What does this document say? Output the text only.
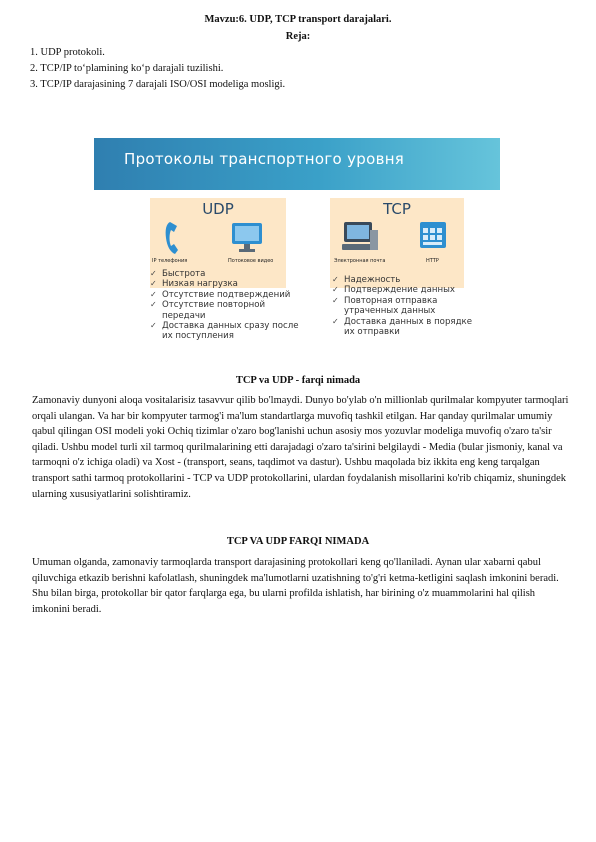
Mavzu:6. UDP, TCP transport darajalari.
Reja:
1. UDP protokoli.
2. TCP/IP to‘plamining ko‘p darajali tuzilishi.
3. TCP/IP darajasining 7 darajali ISO/OSI modeliga mosligi.
Протоколы транспортного уровня
UDP
IP телефония	Потоковое видео
TCP
Электронная почта	HTTP
✓ Быстрота
✓ Низкая нагрузка
✓ Отсутствие подтверждений
✓ Отсутствие повторной передачи
✓ Доставка данных сразу после их поступления
✓ Надежность
✓ Подтверждение данных
✓ Повторная отправка утраченных данных
✓ Доставка данных в порядке их отправки
TCP va UDP - farqi nimada
Zamonaviy dunyoni aloqa vositalarisiz tasavvur qilib bo'lmaydi. Dunyo bo'ylab o'n millionlab qurilmalar kompyuter tarmoqlari orqali ulangan. Va har bir kompyuter tarmog'i ma'lum standartlarga muvofiq tashkil etilgan. Har qanday qurilmalar umumiy qabul qilingan OSI modeli yoki Ochiq tizimlar o'zaro bog'lanishi uchun asosiy mos yozuvlar modeliga muvofiq o'zaro ta'sir qiladi. Ushbu model turli xil tarmoq qurilmalarining etti darajadagi o'zaro ta'sirini belgilaydi - Media (bular jismoniy, kanal va tarmoqni o'z ichiga oladi) va Xost - (transport, seans, taqdimot va dastur). Ushbu maqolada biz ikkita eng keng tarqalgan transport sathi tarmoq protokollarini - TCP va UDP protokollarini, ulardan foydalanish misollarini ko'rib chiqamiz, shuningdek ularning xususiyatlarini solishtiramiz.
TCP VA UDP FARQI NIMADA
Umuman olganda, zamonaviy tarmoqlarda transport darajasining protokollari keng qo'llaniladi. Aynan ular xabarni qabul qiluvchiga etkazib berishni kafolatlash, shuningdek ma'lumotlarni uzatishning to'g'ri ketma-ketligini saqlash imkonini beradi. Shu bilan birga, protokollar bir qator farqlarga ega, bu ularni profilda ishlatish, har birining o'z muammolarini hal qilish imkonini beradi.
